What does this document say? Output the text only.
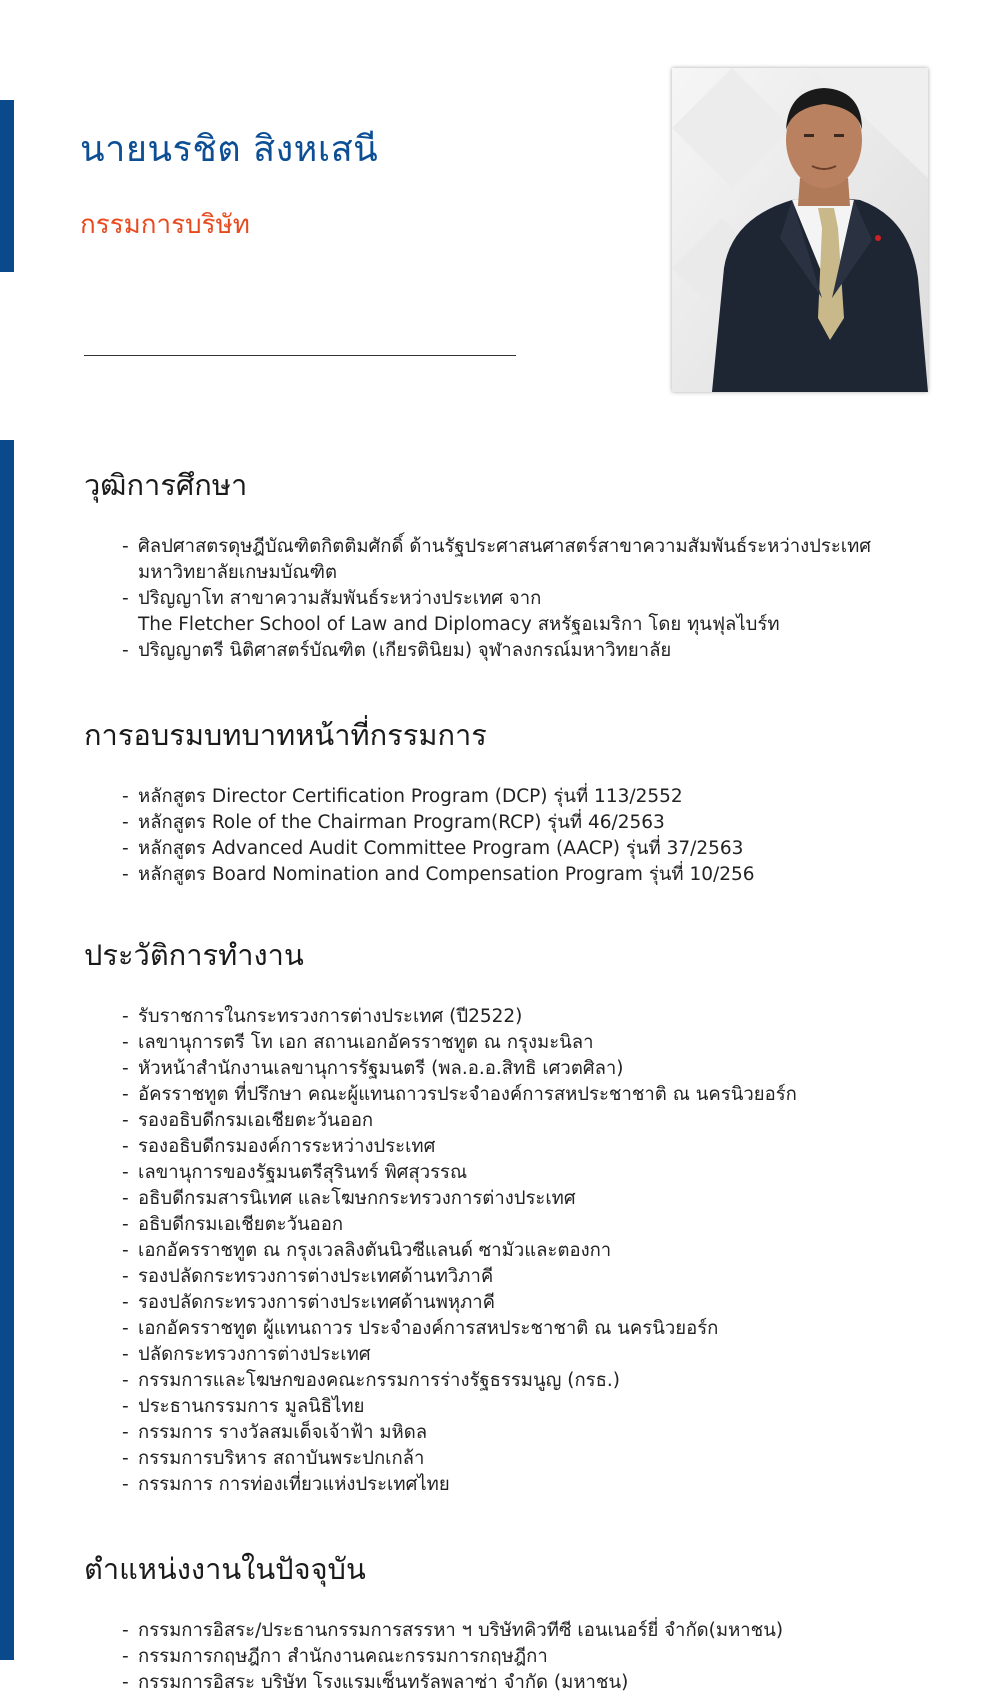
นายนรชิต สิงหเสนี
กรรมการบริษัท
วุฒิการศึกษา
- ศิลปศาสตรดุษฎีบัณฑิตกิตติมศักดิ์ ด้านรัฐประศาสนศาสตร์สาขาความสัมพันธ์ระหว่างประเทศ
มหาวิทยาลัยเกษมบัณฑิต
- ปริญญาโท สาขาความสัมพันธ์ระหว่างประเทศ จาก
The Fletcher School of Law and Diplomacy สหรัฐอเมริกา โดย ทุนฟุลไบร์ท
- ปริญญาตรี นิติศาสตร์บัณฑิต (เกียรตินิยม) จุฬาลงกรณ์มหาวิทยาลัย
การอบรมบทบาทหน้าที่กรรมการ
- หลักสูตร Director Certification Program (DCP) รุ่นที่ 113/2552
- หลักสูตร Role of the Chairman Program(RCP) รุ่นที่ 46/2563
- หลักสูตร Advanced Audit Committee Program (AACP) รุ่นที่ 37/2563
- หลักสูตร Board Nomination and Compensation Program รุ่นที่ 10/256
ประวัติการทำงาน
- รับราชการในกระทรวงการต่างประเทศ (ปี2522)
- เลขานุการตรี โท เอก สถานเอกอัครราชทูต ณ กรุงมะนิลา
- หัวหน้าสำนักงานเลขานุการรัฐมนตรี (พล.อ.อ.สิทธิ เศวตศิลา)
- อัครราชทูต ที่ปรึกษา คณะผู้แทนถาวรประจำองค์การสหประชาชาติ ณ นครนิวยอร์ก
- รองอธิบดีกรมเอเชียตะวันออก
- รองอธิบดีกรมองค์การระหว่างประเทศ
- เลขานุการของรัฐมนตรีสุรินทร์ พิศสุวรรณ
- อธิบดีกรมสารนิเทศ และโฆษกกระทรวงการต่างประเทศ
- อธิบดีกรมเอเชียตะวันออก
- เอกอัครราชทูต ณ กรุงเวลลิงตันนิวซีแลนด์ ซามัวและตองกา
- รองปลัดกระทรวงการต่างประเทศด้านทวิภาคี
- รองปลัดกระทรวงการต่างประเทศด้านพหุภาคี
- เอกอัครราชทูต ผู้แทนถาวร ประจำองค์การสหประชาชาติ ณ นครนิวยอร์ก
- ปลัดกระทรวงการต่างประเทศ
- กรรมการและโฆษกของคณะกรรมการร่างรัฐธรรมนูญ (กรธ.)
- ประธานกรรมการ มูลนิธิไทย
- กรรมการ รางวัลสมเด็จเจ้าฟ้า มหิดล
- กรรมการบริหาร สถาบันพระปกเกล้า
- กรรมการ การท่องเที่ยวแห่งประเทศไทย
ตำแหน่งงานในปัจจุบัน
- กรรมการอิสระ/ประธานกรรมการสรรหา ฯ บริษัทคิวทีซี เอนเนอร์ยี่ จำกัด(มหาชน)
- กรรมการกฤษฎีกา สำนักงานคณะกรรมการกฤษฎีกา
- กรรมการอิสระ บริษัท โรงแรมเซ็นทรัลพลาซ่า จำกัด (มหาชน)
